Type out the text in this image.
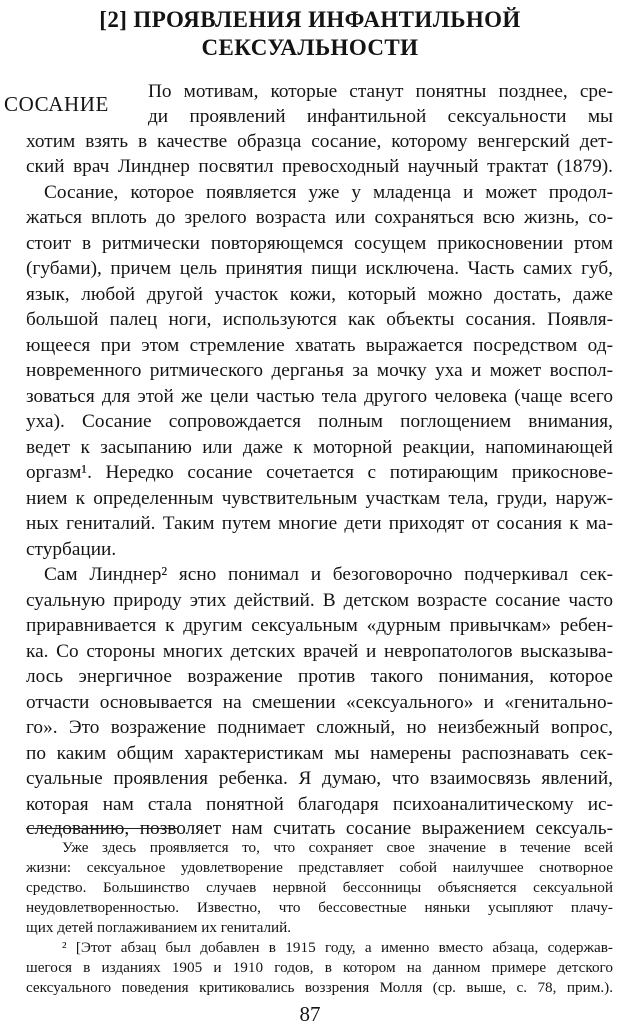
[2] ПРОЯВЛЕНИЯ ИНФАНТИЛЬНОЙ
СЕКСУАЛЬНОСТИ
СОСАНИЕ
По мотивам, которые станут понятны позднее, сре-
ди проявлений инфантильной сексуальности мы
хотим взять в качестве образца сосание, которому венгерский дет-
ский врач Линднер посвятил превосходный научный трактат (1879).
Сосание, которое появляется уже у младенца и может продол-
жаться вплоть до зрелого возраста или сохраняться всю жизнь, со-
стоит в ритмически повторяющемся сосущем прикосновении ртом
(губами), причем цель принятия пищи исключена. Часть самих губ,
язык, любой другой участок кожи, который можно достать, даже
большой палец ноги, используются как объекты сосания. Появля-
ющееся при этом стремление хватать выражается посредством од-
новременного ритмического дерганья за мочку уха и может воспол-
зоваться для этой же цели частью тела другого человека (чаще всего
уха). Сосание сопровождается полным поглощением внимания,
ведет к засыпанию или даже к моторной реакции, напоминающей
оргазм¹. Нередко сосание сочетается с потирающим прикоснове-
нием к определенным чувствительным участкам тела, груди, наруж-
ных гениталий. Таким путем многие дети приходят от сосания к ма-
стурбации.
Сам Линднер² ясно понимал и безоговорочно подчеркивал сек-
суальную природу этих действий. В детском возрасте сосание часто
приравнивается к другим сексуальным «дурным привычкам» ребен-
ка. Со стороны многих детских врачей и невропатологов высказыва-
лось энергичное возражение против такого понимания, которое
отчасти основывается на смешении «сексуального» и «генитально-
го». Это возражение поднимает сложный, но неизбежный вопрос,
по каким общим характеристикам мы намерены распознавать сек-
суальные проявления ребенка. Я думаю, что взаимосвязь явлений,
которая нам стала понятной благодаря психоаналитическому ис-
следованию, позволяет нам считать сосание выражением сексуаль-
Уже здесь проявляется то, что сохраняет свое значение в течение всей
жизни: сексуальное удовлетворение представляет собой наилучшее снотворное
средство. Большинство случаев нервной бессонницы объясняется сексуальной
неудовлетворенностью. Известно, что бессовестные няньки усыпляют плачу-
щих детей поглаживанием их гениталий.
² [Этот абзац был добавлен в 1915 году, а именно вместо абзаца, содержав-
шегося в изданиях 1905 и 1910 годов, в котором на данном примере детского
сексуального поведения критиковались воззрения Молля (ср. выше, с. 78, прим.).
87
